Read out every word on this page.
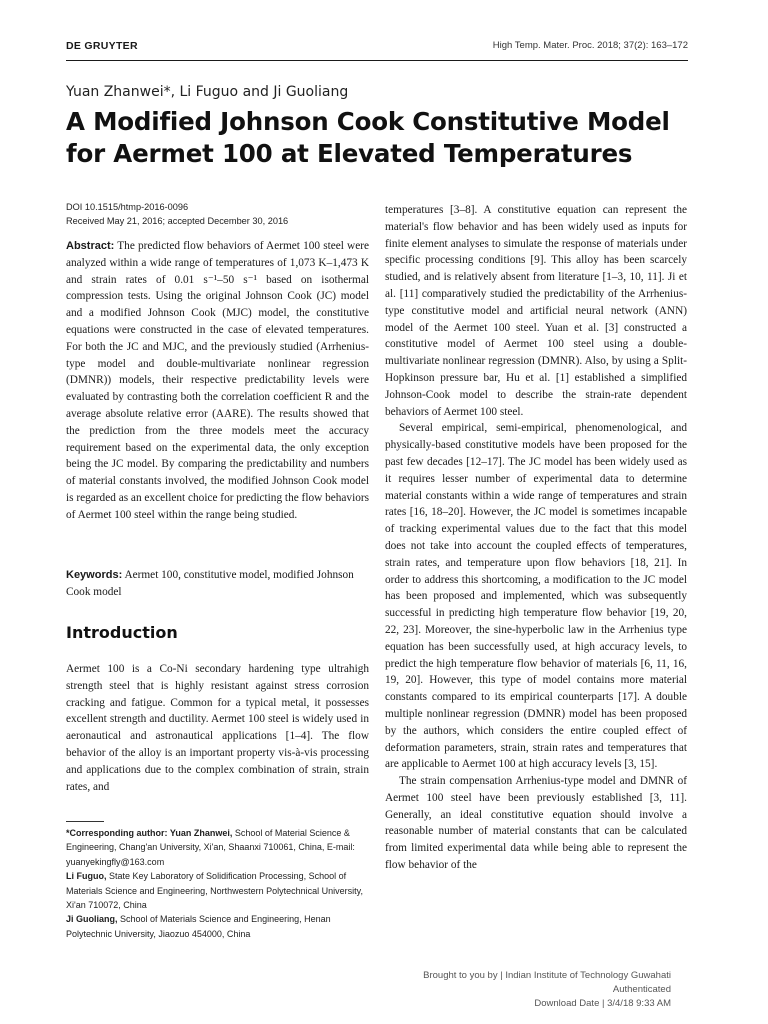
DE GRUYTER	High Temp. Mater. Proc. 2018; 37(2): 163–172
Yuan Zhanwei*, Li Fuguo and Ji Guoliang
A Modified Johnson Cook Constitutive Model
for Aermet 100 at Elevated Temperatures
DOI 10.1515/htmp-2016-0096
Received May 21, 2016; accepted December 30, 2016

Abstract: The predicted flow behaviors of Aermet 100 steel were analyzed within a wide range of temperatures of 1,073 K–1,473 K and strain rates of 0.01 s⁻¹–50 s⁻¹ based on isothermal compression tests. Using the original Johnson Cook (JC) model and a modified Johnson Cook (MJC) model, the constitutive equations were constructed in the case of elevated temperatures. For both the JC and MJC, and the previously studied (Arrhenius-type model and double-multivariate nonlinear regression (DMNR)) models, their respective predictability levels were evaluated by contrasting both the correlation coefficient R and the average absolute relative error (AARE). The results showed that the prediction from the three models meet the accuracy requirement based on the experimental data, the only exception being the JC model. By comparing the predictability and numbers of material constants involved, the modified Johnson Cook model is regarded as an excellent choice for predicting the flow behaviors of Aermet 100 steel within the range being studied.

Keywords: Aermet 100, constitutive model, modified Johnson Cook model
Introduction

Aermet 100 is a Co-Ni secondary hardening type ultrahigh strength steel that is highly resistant against stress corrosion cracking and fatigue. Common for a typical metal, it possesses excellent strength and ductility. Aermet 100 steel is widely used in aeronautical and astronautical applications [1–4]. The flow behavior of the alloy is an important property vis-à-vis processing and applications due to the complex combination of strain, strain rates, and

*Corresponding author: Yuan Zhanwei, School of Material Science & Engineering, Chang'an University, Xi'an, Shaanxi 710061, China, E-mail: yuanyekingfly@163.com

Li Fuguo, State Key Laboratory of Solidification Processing, School of Materials Science and Engineering, Northwestern Polytechnical University, Xi'an 710072, China

Ji Guoliang, School of Materials Science and Engineering, Henan Polytechnic University, Jiaozuo 454000, China

temperatures [3–8]. A constitutive equation can represent the material's flow behavior and has been widely used as inputs for finite element analyses to simulate the response of materials under specific processing conditions [9]. This alloy has been scarcely studied, and is relatively absent from literature [1–3, 10, 11]. Ji et al. [11] comparatively studied the predictability of the Arrhenius-type constitutive model and artificial neural network (ANN) model of the Aermet 100 steel. Yuan et al. [3] constructed a constitutive model of Aermet 100 steel using a double-multivariate nonlinear regression (DMNR). Also, by using a Split-Hopkinson pressure bar, Hu et al. [1] established a simplified Johnson-Cook model to describe the strain-rate dependent behaviors of Aermet 100 steel.

Several empirical, semi-empirical, phenomenological, and physically-based constitutive models have been proposed for the past few decades [12–17]. The JC model has been widely used as it requires lesser number of experimental data to determine material constants within a wide range of temperatures and strain rates [16, 18–20]. However, the JC model is sometimes incapable of tracking experimental values due to the fact that this model does not take into account the coupled effects of temperatures, strain rates, and temperature upon flow behaviors [18, 21]. In order to address this shortcoming, a modification to the JC model has been proposed and implemented, which was subsequently successful in predicting high temperature flow behavior [19, 20, 22, 23]. Moreover, the sine-hyperbolic law in the Arrhenius type equation has been successfully used, at high accuracy levels, to predict the high temperature flow behavior of materials [6, 11, 16, 19, 20]. However, this type of model contains more material constants compared to its empirical counterparts [17]. A double multiple nonlinear regression (DMNR) model has been proposed by the authors, which considers the entire coupled effect of deformation parameters, strain, strain rates and temperatures that are applicable to Aermet 100 at high accuracy levels [3, 15].

The strain compensation Arrhenius-type model and DMNR of Aermet 100 steel have been previously established [3, 11]. Generally, an ideal constitutive equation should involve a reasonable number of material constants that can be calculated from limited experimental data while being able to represent the flow behavior of the

Brought to you by | Indian Institute of Technology Guwahati
Authenticated
Download Date | 3/4/18 9:33 AM
